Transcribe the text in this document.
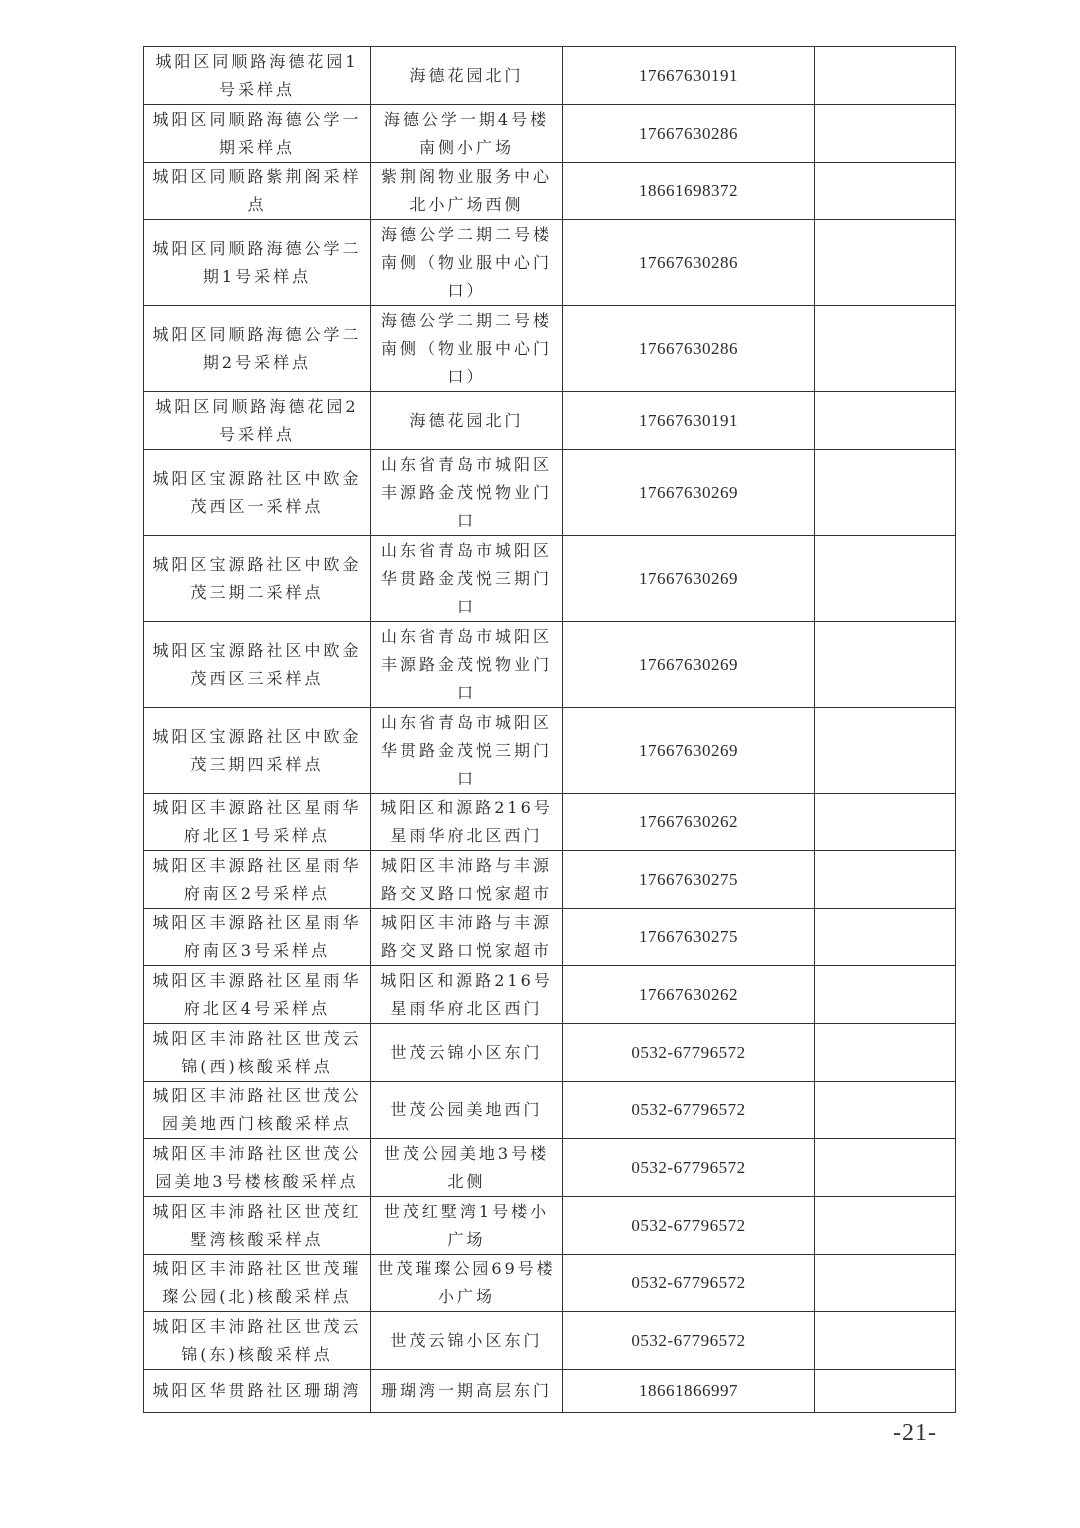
城阳区同顺路海德花园1号采样点	海德花园北门	17667630191	
城阳区同顺路海德公学一期采样点	海德公学一期4号楼南侧小广场	17667630286	
城阳区同顺路紫荆阁采样点	紫荆阁物业服务中心北小广场西侧	18661698372	
城阳区同顺路海德公学二期1号采样点	海德公学二期二号楼南侧（物业服中心门口）	17667630286	
城阳区同顺路海德公学二期2号采样点	海德公学二期二号楼南侧（物业服中心门口）	17667630286	
城阳区同顺路海德花园2号采样点	海德花园北门	17667630191	
城阳区宝源路社区中欧金茂西区一采样点	山东省青岛市城阳区丰源路金茂悦物业门口	17667630269	
城阳区宝源路社区中欧金茂三期二采样点	山东省青岛市城阳区华贯路金茂悦三期门口	17667630269	
城阳区宝源路社区中欧金茂西区三采样点	山东省青岛市城阳区丰源路金茂悦物业门口	17667630269	
城阳区宝源路社区中欧金茂三期四采样点	山东省青岛市城阳区华贯路金茂悦三期门口	17667630269	
城阳区丰源路社区星雨华府北区1号采样点	城阳区和源路216号星雨华府北区西门	17667630262	
城阳区丰源路社区星雨华府南区2号采样点	城阳区丰沛路与丰源路交叉路口悦家超市	17667630275	
城阳区丰源路社区星雨华府南区3号采样点	城阳区丰沛路与丰源路交叉路口悦家超市	17667630275	
城阳区丰源路社区星雨华府北区4号采样点	城阳区和源路216号星雨华府北区西门	17667630262	
城阳区丰沛路社区世茂云锦(西)核酸采样点	世茂云锦小区东门	0532-67796572	
城阳区丰沛路社区世茂公园美地西门核酸采样点	世茂公园美地西门	0532-67796572	
城阳区丰沛路社区世茂公园美地3号楼核酸采样点	世茂公园美地3号楼北侧	0532-67796572	
城阳区丰沛路社区世茂红墅湾核酸采样点	世茂红墅湾1号楼小广场	0532-67796572	
城阳区丰沛路社区世茂璀璨公园(北)核酸采样点	世茂璀璨公园69号楼小广场	0532-67796572	
城阳区丰沛路社区世茂云锦(东)核酸采样点	世茂云锦小区东门	0532-67796572	
城阳区华贯路社区珊瑚湾	珊瑚湾一期高层东门	18661866997	
-21-
